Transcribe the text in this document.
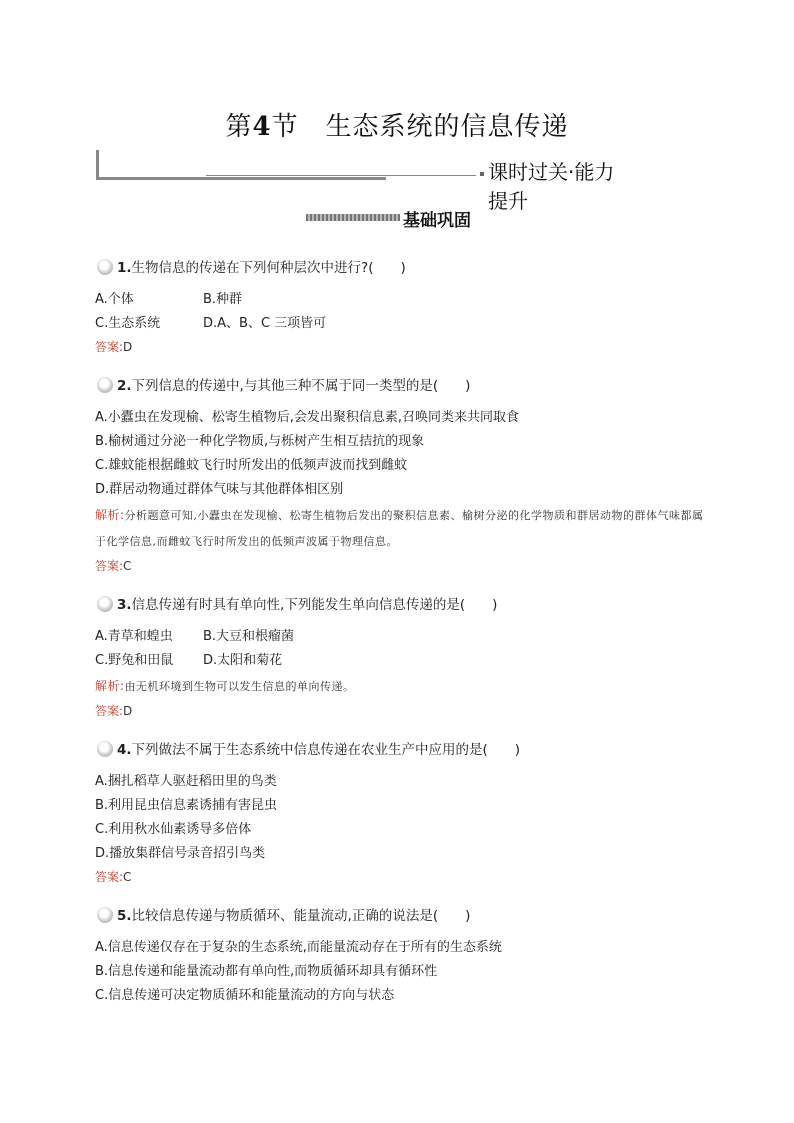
第4节　生态系统的信息传递
课时过关·能力提升
基础巩固
1.生物信息的传递在下列何种层次中进行?(　　)
A.个体	B.种群
C.生态系统	D.A、B、C 三项皆可
答案:D
2.下列信息的传递中,与其他三种不属于同一类型的是(　　)
A.小蠹虫在发现榆、松寄生植物后,会发出聚积信息素,召唤同类来共同取食
B.榆树通过分泌一种化学物质,与栎树产生相互拮抗的现象
C.雄蚊能根据雌蚊飞行时所发出的低频声波而找到雌蚊
D.群居动物通过群体气味与其他群体相区别
解析:分析题意可知,小蠹虫在发现榆、松寄生植物后发出的聚积信息素、榆树分泌的化学物质和群居动物的群体气味都属于化学信息,而雌蚊飞行时所发出的低频声波属于物理信息。
答案:C
3.信息传递有时具有单向性,下列能发生单向信息传递的是(　　)
A.青草和蝗虫 B.大豆和根瘤菌
C.野兔和田鼠 D.太阳和菊花
解析:由无机环境到生物可以发生信息的单向传递。
答案:D
4.下列做法不属于生态系统中信息传递在农业生产中应用的是(　　)
A.捆扎稻草人驱赶稻田里的鸟类
B.利用昆虫信息素诱捕有害昆虫
C.利用秋水仙素诱导多倍体
D.播放集群信号录音招引鸟类
答案:C
5.比较信息传递与物质循环、能量流动,正确的说法是(　　)
A.信息传递仅存在于复杂的生态系统,而能量流动存在于所有的生态系统
B.信息传递和能量流动都有单向性,而物质循环却具有循环性
C.信息传递可决定物质循环和能量流动的方向与状态
